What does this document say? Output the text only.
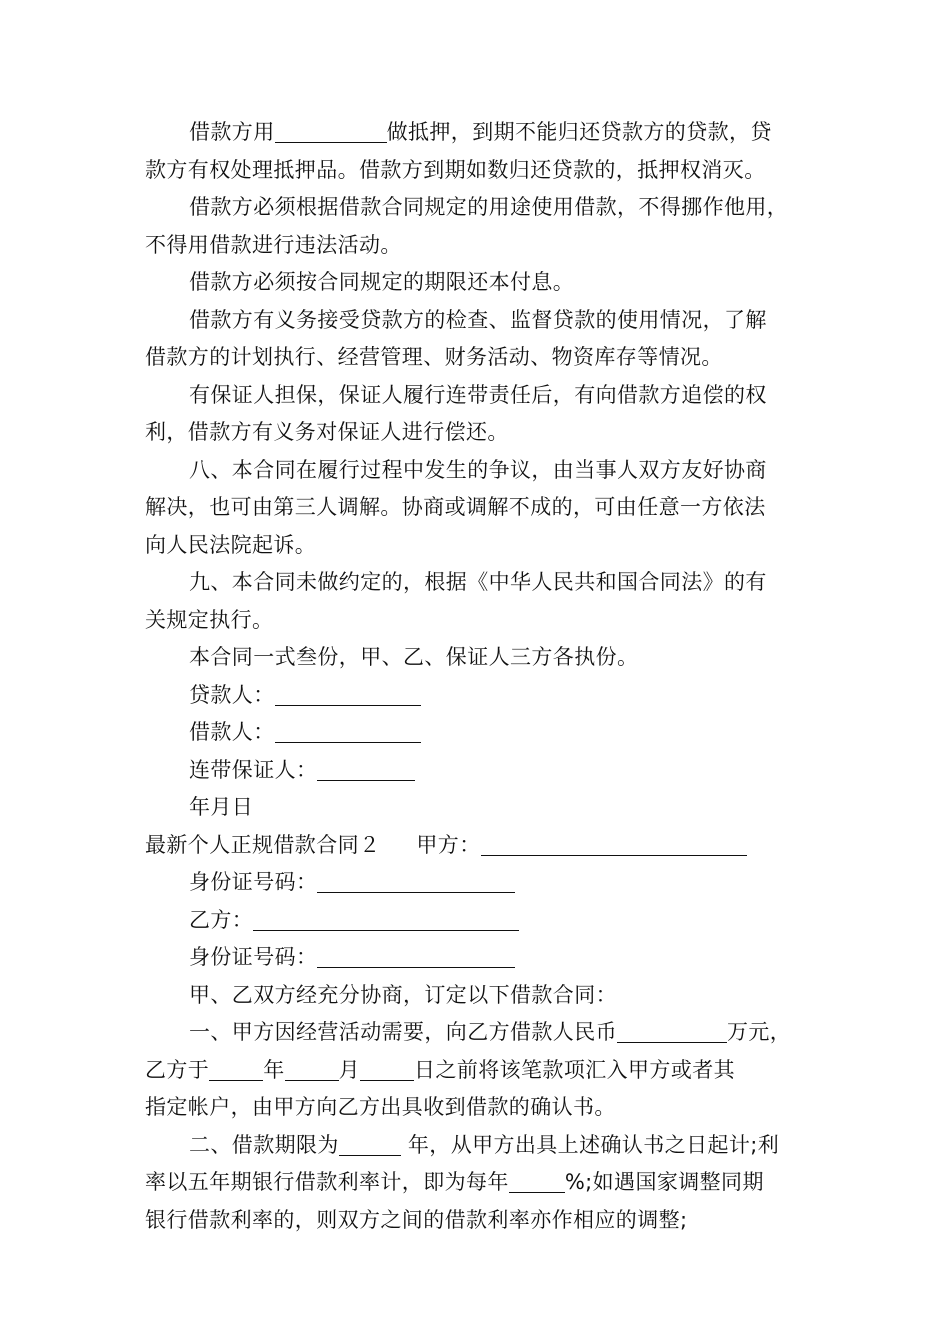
借款方用	做抵押，到期不能归还贷款方的贷款，贷
款方有权处理抵押品。借款方到期如数归还贷款的，抵押权消灭。
借款方必须根据借款合同规定的用途使用借款，不得挪作他用，
不得用借款进行违法活动。
借款方必须按合同规定的期限还本付息。
借款方有义务接受贷款方的检查、监督贷款的使用情况，了解
借款方的计划执行、经营管理、财务活动、物资库存等情况。
有保证人担保，保证人履行连带责任后，有向借款方追偿的权
利，借款方有义务对保证人进行偿还。
八、本合同在履行过程中发生的争议，由当事人双方友好协商
解决，也可由第三人调解。协商或调解不成的，可由任意一方依法
向人民法院起诉。
九、本合同未做约定的，根据《中华人民共和国合同法》的有
关规定执行。
本合同一式叁份，甲、乙、保证人三方各执份。
贷款人：
借款人：
连带保证人：
年月日
最新个人正规借款合同２ 甲方：
身份证号码：
乙方：
身份证号码：
甲、乙双方经充分协商，订定以下借款合同：
一、甲方因经营活动需要，向乙方借款人民币	万元，
乙方于	年	月	日之前将该笔款项汇入甲方或者其
指定帐户，由甲方向乙方出具收到借款的确认书。
二、借款期限为	年，从甲方出具上述确认书之日起计;利
率以五年期银行借款利率计，即为每年	%;如遇国家调整同期
银行借款利率的，则双方之间的借款利率亦作相应的调整;
